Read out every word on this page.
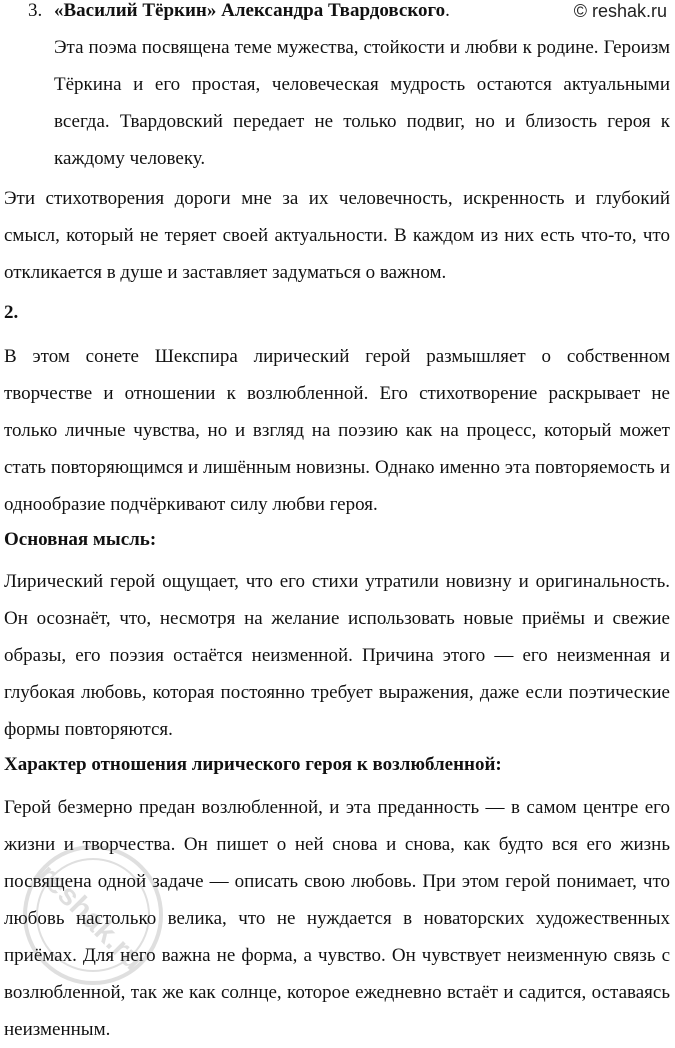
3. «Василий Тёркин» Александра Твардовского.	© reshak.ru

Эта поэма посвящена теме мужества, стойкости и любви к родине. Героизм Тёркина и его простая, человеческая мудрость остаются актуальными всегда. Твардовский передает не только подвиг, но и близость героя к каждому человеку.

Эти стихотворения дороги мне за их человечность, искренность и глубокий смысл, который не теряет своей актуальности. В каждом из них есть что-то, что откликается в душе и заставляет задуматься о важном.

2.

В этом сонете Шекспира лирический герой размышляет о собственном творчестве и отношении к возлюбленной. Его стихотворение раскрывает не только личные чувства, но и взгляд на поэзию как на процесс, который может стать повторяющимся и лишённым новизны. Однако именно эта повторяемость и однообразие подчёркивают силу любви героя.

Основная мысль:

Лирический герой ощущает, что его стихи утратили новизну и оригинальность. Он осознаёт, что, несмотря на желание использовать новые приёмы и свежие образы, его поэзия остаётся неизменной. Причина этого — его неизменная и глубокая любовь, которая постоянно требует выражения, даже если поэтические формы повторяются.

Характер отношения лирического героя к возлюбленной:

Герой безмерно предан возлюбленной, и эта преданность — в самом центре его жизни и творчества. Он пишет о ней снова и снова, как будто вся его жизнь посвящена одной задаче — описать свою любовь. При этом герой понимает, что любовь настолько велика, что не нуждается в новаторских художественных приёмах. Для него важна не форма, а чувство. Он чувствует неизменную связь с возлюбленной, так же как солнце, которое ежедневно встаёт и садится, оставаясь неизменным.

reshak.ru
